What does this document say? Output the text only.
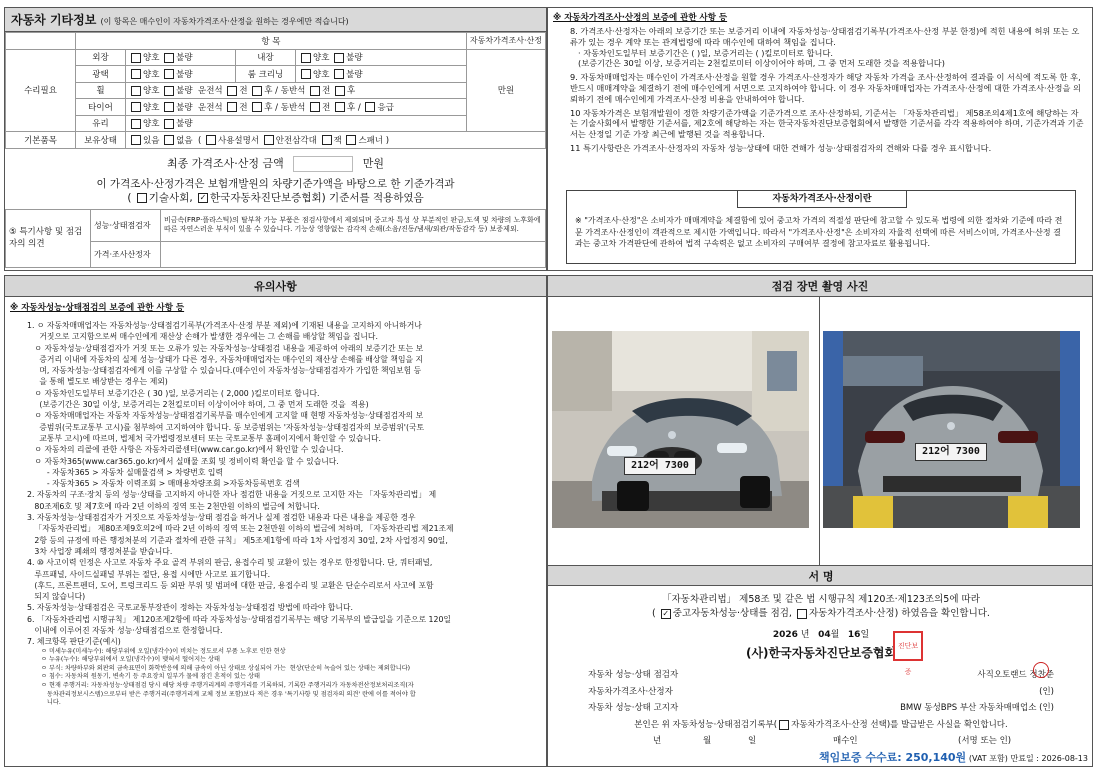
자동차 기타정보 (이 항목은 매수인이 자동차가격조사·산정을 원하는 경우에만 적습니다)
	항 목				자동차가격조사·산정
수리필요	외장	양호 불량	내장	양호 불량	만원
	광택	양호 불량	룸 크리닝	양호 불량	
	휠	양호 불량 운전석 전 후 / 동반석 전 후			
	타이어	양호 불량 운전석 전 후 / 동반석 전 후 / 응급			
	유리	양호 불량			
기본품목	보유상태	있음 없음  ( 사용설명서 안전삼각대 잭 스패너 )			
최종 가격조사·산정 금액	만원
이 가격조사·산정가격은 보험개발원의 차량기준가액을 바탕으로 한 기준가격과
( 기술사회, ✓ 한국자동차진단보증협회) 기준서를 적용하였음
⑤ 특기사항 및 점검자의 의견	성능·상태점검자	비금속(FRP·플라스틱)의 탈부착 가능 부품은 점검사항에서 제외되며 중고차 특성 상 부분적인 판금,도색 및 차량의 노후화에 따른 자연스러운 부식이 있을 수 있습니다. 기능상 영향없는 감각적 손해(소음/진동/냄새/외관/작동감각 등) 보증제외.
	가격·조사산정자	
※ 자동차가격조사·산정의 보증에 관한 사항 등

8. 가격조사·산정자는 아래의 보증기간 또는 보증거리 이내에 자동차성능·상태점검기록부(가격조사·산정 부분 한정)에 적힌 내용에 허위 또는 오류가 있는 경우 계약 또는 관계법령에 따라 매수인에 대하여 책임을 집니다.

· 자동차인도일부터 보증기간은 ( )일, 보증거리는 ( )킬로미터로 합니다.

(보증기간은 30일 이상, 보증거리는 2천킬로미터 이상이어야 하며, 그 중 먼저 도래한 것을 적용합니다)

9. 자동차매매업자는 매수인이 가격조사·산정을 원할 경우 가격조사·산정자가 해당 자동차 가격을 조사·산정하여 결과를 이 서식에 적도록 한 후, 반드시 매매계약을 체결하기 전에 매수인에게 서면으로 고지하여야 합니다. 이 경우 자동차매매업자는 가격조사·산정에 대한 가격조사·산정을 의뢰하기 전에 매수인에게 가격조사·산정 비용을 안내하여야 합니다.

10 자동차가격은 보험개발원이 정한 차량기준가액을 기준가격으로 조사·산정하되, 기준서는 「자동차관리법」 제58조의4제1호에 해당하는 자는 기술사회에서 발행한 기준서를, 제2호에 해당하는 자는 한국자동차진단보증협회에서 발행한 기준서를 각각 적용하여야 하며, 기준가격과 기준서는 산정일 기준 가장 최근에 발행된 것을 적용합니다.

11 특기사항란은 가격조사·산정자의 자동차 성능·상태에 대한 견해가 성능·상태점검자의 견해와 다를 경우 표시합니다.

자동차가격조사·산정이란
※ "가격조사·산정"은 소비자가 매매계약을 체결함에 있어 중고차 가격의 적절성 판단에 참고할 수 있도록 법령에 의한 절차와 기준에 따라 전문 가격조사·산정인이 객관적으로 제시한 가액입니다. 따라서 "가격조사·산정"은 소비자의 자율적 선택에 따른 서비스이며, 가격조사·산정 결과는 중고차 가격판단에 관하여 법적 구속력은 없고 소비자의 구매여부 결정에 참고자료로 활용됩니다.
유의사항
※ 자동차성능·상태점검의 보증에 관한 사항 등
1. ㅇ 자동차매매업자는 자동차성능·상태점검기록부(가격조사·산정 부분 제외)에 기재된 내용을 고지하지 아니하거나
거짓으로 고지함으로써 매수인에게 재산상 손해가 발생한 경우에는 그 손해를 배상할 책임을 집니다.
ㅇ 자동차성능·상태점검자가 거짓 또는 오류가 있는 자동차성능·상태점검 내용을 제공하여 아래의 보증기간 또는 보
증거리 이내에 자동차의 실제 성능·상태가 다른 경우, 자동차매매업자는 매수인의 재산상 손해를 배상할 책임을 지
며, 자동차성능·상태점검자에게 이를 구상할 수 있습니다.(매수인이 자동차성능·상태점검자가 가입한 책임보험 등
을 통해 별도로 배상받는 경우는 제외)
ㅇ 자동차인도일부터 보증기간은 ( 30 )일, 보증거리는 ( 2,000 )킬로미터로 합니다.
(보증기간은 30일 이상, 보증거리는 2천킬로미터 이상이어야 하며, 그 중 먼저 도래한 것을  적용)
ㅇ 자동차매매업자는 자동차 자동차성능·상태점검기록부를 매수인에게 고지할 때 현행 자동차성능·상태점검자의 보
증범위(국토교통부 고시)를 첨부하여 고지하여야 합니다. 동 보증범위는 '자동차성능·상태점검자의 보증범위'(국토
교통부 고시)에 따르며, 법제처 국가법령정보센터 또는 국토교통부 홈페이지에서 확인할 수 있습니다.
ㅇ 자동차의 리콜에 관한 사항은 자동차리콜센터(www.car.go.kr)에서 확인할 수 있습니다.
ㅇ 자동차365(www.car365.go.kr)에서 실매물 조회 및 정비이력 확인을 할 수 있습니다.
- 자동차365 > 자동차 실매물검색 > 차량번호 입력
- 자동차365 > 자동차 이력조회 > 매매용차량조회 >자동차등록번호 검색
2. 자동차의 구조·장치 등의 성능·상태를 고지하지 아니한 자나 점검한 내용을 거짓으로 고지한 자는 「자동차관리법」 제
80조제6호 및 제7호에 따라 2년 이하의 징역 또는 2천만원 이하의 벌금에 처합니다.
3. 자동차성능·상태점검자가 거짓으로 자동차성능·상태 점검을 하거나 실제 점검한 내용과 다른 내용을 제공한 경우
「자동차관리법」 제80조제9호의2에 따라 2년 이하의 징역 또는 2천만원 이하의 벌금에 처하며, 「자동차관리법 제21조제
2항 등의 규정에 따른 행정처분의 기준과 절차에 관한 규칙」 제5조제1항에 따라 1차 사업정지 30일, 2차 사업정지 90일,
3차 사업장 폐쇄의 행정처분을 받습니다.
4. ⑩ 사고이력 인정은 사고로 자동차 주요 골격 부위의 판금, 용접수리 및 교환이 있는 경우로 한정합니다. 단, 쿼터패널,
루프패널, 사이드실패널 부위는 절단, 용접 시에만 사고로 표기합니다.
(후드, 프론트펜더, 도어, 트렁크리드 등 외판 부위 및 범퍼에 대한 판금, 용접수리 및 교환은 단순수리로서 사고에 포함
되지 않습니다)
5. 자동차성능·상태점검은 국토교통부장관이 정하는 자동차성능·상태점검 방법에 따라야 합니다.
6. 「자동차관리법 시행규칙」 제120조제2항에 따라 자동차성능·상태점검기록부는 해당 기록부의 발급일을 기준으로 120일
이내에 이루어진 자동차 성능·상태점검으로 한정합니다.
7. 체크항목 판단기준(예시)
ㅇ 미세누유(미세누수): 해당부위에 오일(냉각수)이 비치는 정도로서 부품 노후로 인한 현상
ㅇ 누유(누수): 해당부위에서 오일(냉각수)이 맺혀서 떨어지는 상태
ㅇ 부식: 차량하부와 외판의 금속표면이 화학반응에 의해 금속이 아닌 상태로 상실되어 가는  현상(단순히 녹슬어 있는 상태는 제외합니다)
ㅇ 침수: 자동차의 원동기, 변속기 등 주요장치 일부가 물에 잠긴 흔적이 있는 상태
ㅇ 현재 주행거리: 자동차성능·상태점검 당시 해당 차량 주행거리계의 주행거리를 기록하되, 기록한 주행거리가 자동차전산정보처리조직(자
동차관리정보시스템)으로부터 받은 주행거리(주행거리계 교체 정보 포함)보다 적은 경우 '특기사항 및 점검자의 의견' 란에 이를 적어야 합
니다.
점검 장면 촬영 사진
212어 7300
212어 7300
서 명
「자동차관리법」 제58조 및 같은 법 시행규칙 제120조·제123조의5에 따라
( ✓ 중고자동차성능·상태를 점검, 자동차가격조사·산정) 하였음을 확인합니다.
2026 년 04월 16일
(사)한국자동차진단보증협회 진단보증
자동차 성능·상태 점검자	사직오토랜드 정찬준
자동차가격조사·산정자	(인)
자동차 성능·상태 고지자	BMW 동성BPS 부산 자동차매매업소 (인)
본인은 위 자동차성능·상태점검기록부( 자동차가격조사·산정 선택)를 발급받은 사실을 확인합니다.
년	월	일	매수인	(서명 또는 인)
책임보증 수수료: 250,140원 (VAT 포함) 만료일 : 2026-08-13
